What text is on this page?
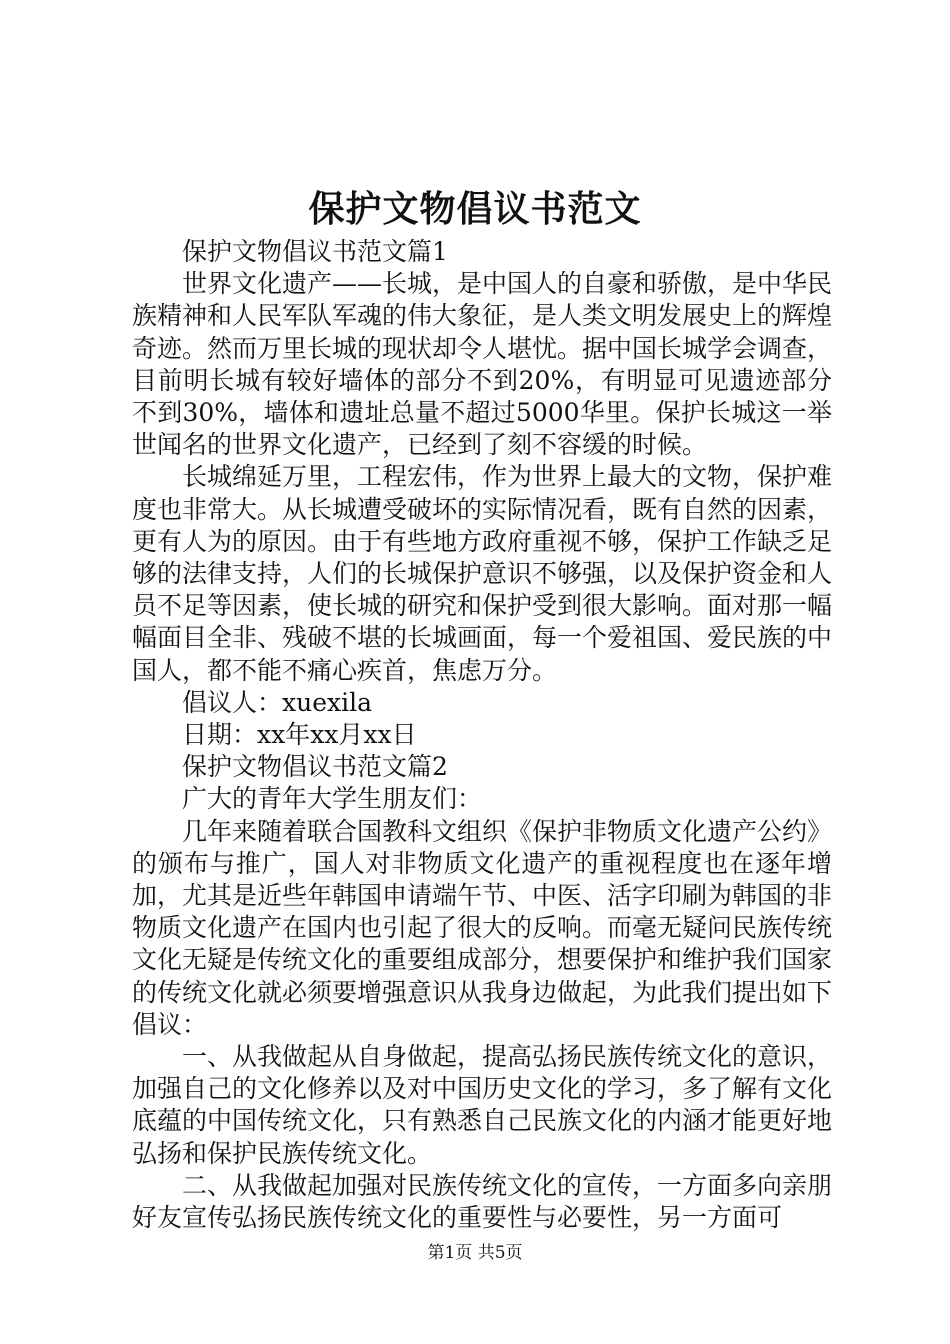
保护文物倡议书范文

保护文物倡议书范文篇1

世界文化遗产——长城，是中国人的自豪和骄傲，是中华民族精神和人民军队军魂的伟大象征，是人类文明发展史上的辉煌奇迹。然而万里长城的现状却令人堪忧。据中国长城学会调查，目前明长城有较好墙体的部分不到20%，有明显可见遗迹部分不到30%，墙体和遗址总量不超过5000华里。保护长城这一举世闻名的世界文化遗产，已经到了刻不容缓的时候。

长城绵延万里，工程宏伟，作为世界上最大的文物，保护难度也非常大。从长城遭受破坏的实际情况看，既有自然的因素，更有人为的原因。由于有些地方政府重视不够，保护工作缺乏足够的法律支持，人们的长城保护意识不够强，以及保护资金和人员不足等因素，使长城的研究和保护受到很大影响。面对那一幅幅面目全非、残破不堪的长城画面，每一个爱祖国、爱民族的中国人，都不能不痛心疾首，焦虑万分。

倡议人：xuexila

日期：xx年xx月xx日

保护文物倡议书范文篇2

广大的青年大学生朋友们：

几年来随着联合国教科文组织《保护非物质文化遗产公约》的颁布与推广，国人对非物质文化遗产的重视程度也在逐年增加，尤其是近些年韩国申请端午节、中医、活字印刷为韩国的非物质文化遗产在国内也引起了很大的反响。而毫无疑问民族传统文化无疑是传统文化的重要组成部分，想要保护和维护我们国家的传统文化就必须要增强意识从我身边做起，为此我们提出如下倡议：

一、从我做起从自身做起，提高弘扬民族传统文化的意识，加强自己的文化修养以及对中国历史文化的学习，多了解有文化底蕴的中国传统文化，只有熟悉自己民族文化的内涵才能更好地弘扬和保护民族传统文化。

二、从我做起加强对民族传统文化的宣传，一方面多向亲朋好友宣传弘扬民族传统文化的重要性与必要性，另一方面可

第1页 共5页
